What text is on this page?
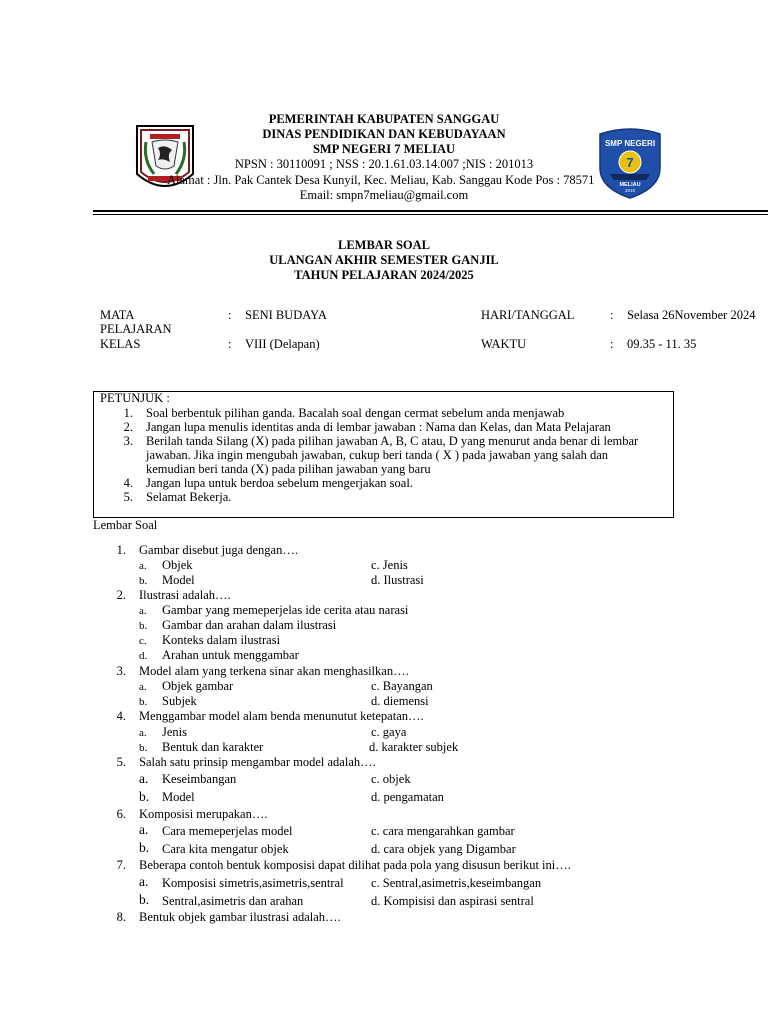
PEMERINTAH KABUPATEN SANGGAU
DINAS PENDIDIKAN DAN KEBUDAYAAN
SMP NEGERI 7 MELIAU
NPSN : 30110091 ; NSS : 20.1.61.03.14.007 ;NIS : 201013
Alamat : Jln. Pak Cantek Desa Kunyil, Kec. Meliau, Kab. Sanggau Kode Pos : 78571
Email: smpn7meliau@gmail.com
SMP NEGERI
7
MELIAU
2010
LEMBAR SOAL
ULANGAN AKHIR SEMESTER GANJIL
TAHUN PELAJARAN 2024/2025
MATA
PELAJARAN
: SENI BUDAYA	HARI/TANGGAL	: Selasa 26November 2024
KELAS	: VIII (Delapan)	WAKTU	: 09.35 - 11. 35
PETUNJUK :
1. Soal berbentuk pilihan ganda. Bacalah soal dengan cermat sebelum anda menjawab
2. Jangan lupa menulis identitas anda di lembar jawaban : Nama dan Kelas, dan Mata Pelajaran
3. Berilah tanda Silang (X) pada pilihan jawaban A, B, C atau, D yang menurut anda benar di lembar
jawaban. Jika ingin mengubah jawaban, cukup beri tanda ( X ) pada jawaban yang salah dan
kemudian beri tanda (X) pada pilihan jawaban yang baru
4. Jangan lupa untuk berdoa sebelum mengerjakan soal.
5. Selamat Bekerja.
Lembar Soal
1. Gambar disebut juga dengan….
a. Objek	c. Jenis
b. Model	d. Ilustrasi
2. Ilustrasi adalah….
a. Gambar yang memeperjelas ide cerita atau narasi
b. Gambar dan arahan dalam ilustrasi
c. Konteks dalam ilustrasi
d. Arahan untuk menggambar
3. Model alam yang terkena sinar akan menghasilkan….
a. Objek gambar	c. Bayangan
b. Subjek	d. diemensi
4. Menggambar model alam benda menunutut ketepatan….
a. Jenis	c. gaya
b. Bentuk dan karakter	d. karakter subjek
5. Salah satu prinsip mengambar model adalah….
a. Keseimbangan	c. objek
b. Model	d. pengamatan
6. Komposisi merupakan….
a. Cara memeperjelas model	c. cara mengarahkan gambar
b. Cara kita mengatur objek	d. cara objek yang Digambar
7. Beberapa contoh bentuk komposisi dapat dilihat pada pola yang disusun berikut ini….
a. Komposisi simetris,asimetris,sentral c. Sentral,asimetris,keseimbangan
b. Sentral,asimetris dan arahan	d. Kompisisi dan aspirasi sentral
8. Bentuk objek gambar ilustrasi adalah….
